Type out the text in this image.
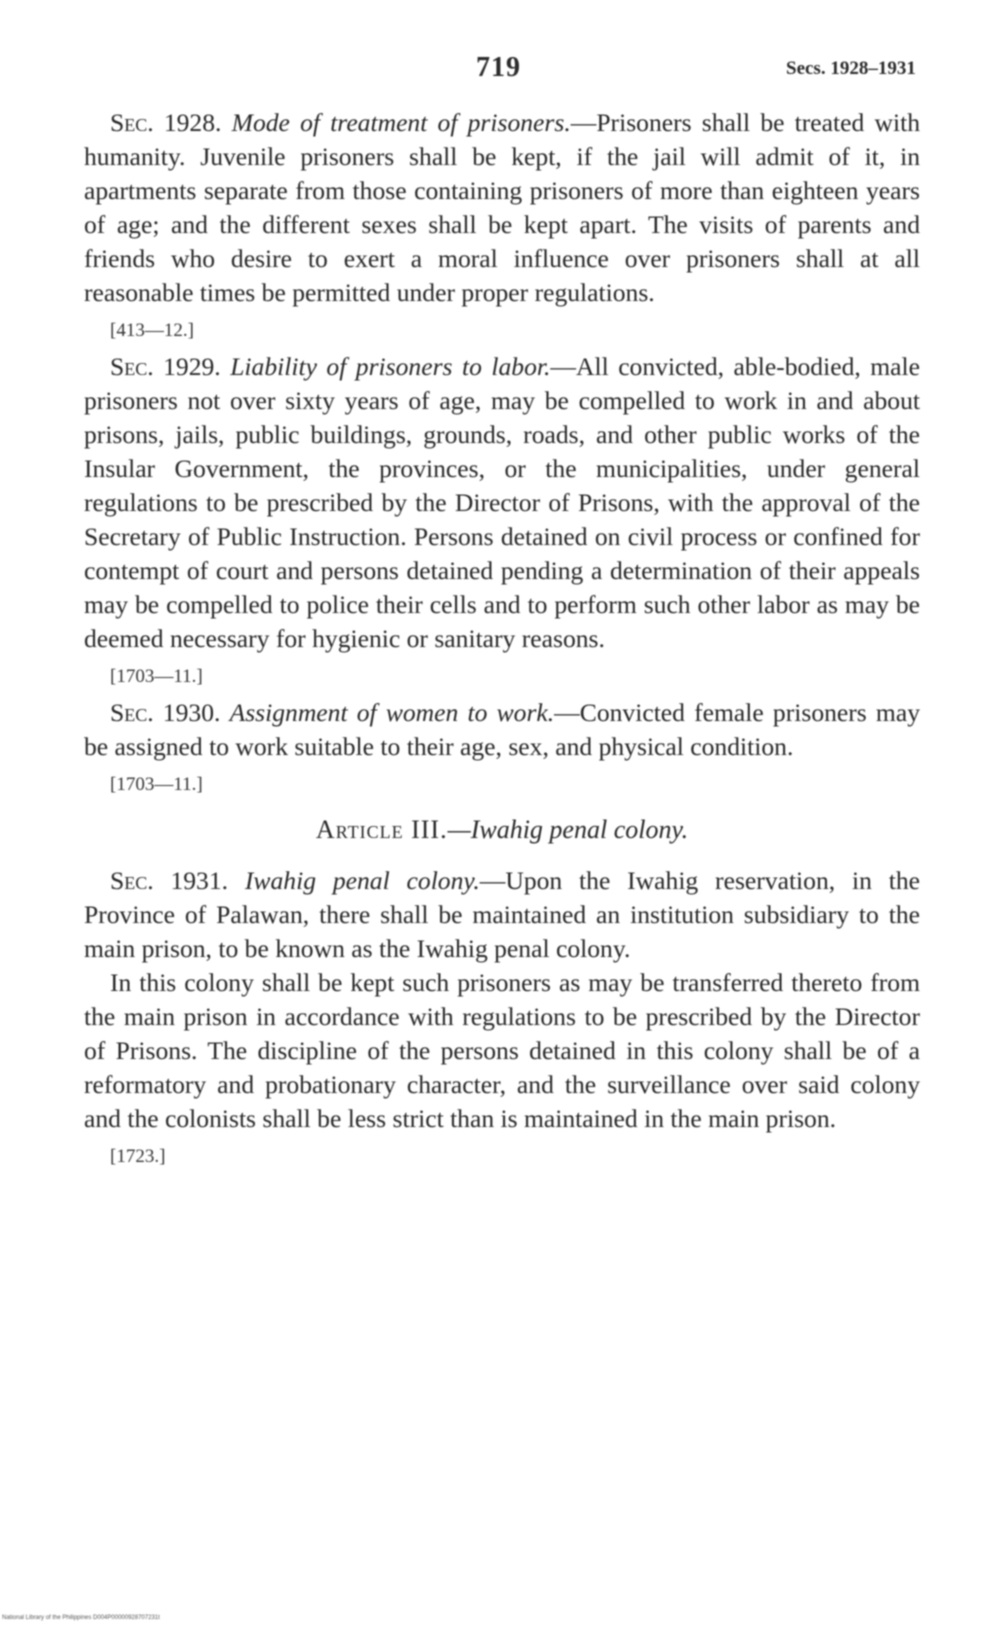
719	Secs. 1928–1931

Sec. 1928. Mode of treatment of prisoners.—Prisoners shall be treated with humanity. Juvenile prisoners shall be kept, if the jail will admit of it, in apartments separate from those containing prisoners of more than eighteen years of age; and the different sexes shall be kept apart. The visits of parents and friends who desire to exert a moral influence over prisoners shall at all reasonable times be permitted under proper regulations.

[413—12.]

Sec. 1929. Liability of prisoners to labor.—All convicted, able-bodied, male prisoners not over sixty years of age, may be compelled to work in and about prisons, jails, public buildings, grounds, roads, and other public works of the Insular Government, the provinces, or the municipalities, under general regulations to be prescribed by the Director of Prisons, with the approval of the Secretary of Public Instruction. Persons detained on civil process or confined for contempt of court and persons detained pending a determination of their appeals may be compelled to police their cells and to perform such other labor as may be deemed necessary for hygienic or sanitary reasons.

[1703—11.]

Sec. 1930. Assignment of women to work.—Convicted female prisoners may be assigned to work suitable to their age, sex, and physical condition.

[1703—11.]
Article III.—Iwahig penal colony.

Sec. 1931. Iwahig penal colony.—Upon the Iwahig reservation, in the Province of Palawan, there shall be maintained an institution subsidiary to the main prison, to be known as the Iwahig penal colony.

In this colony shall be kept such prisoners as may be transferred thereto from the main prison in accordance with regulations to be prescribed by the Director of Prisons. The discipline of the persons detained in this colony shall be of a reformatory and probationary character, and the surveillance over said colony and the colonists shall be less strict than is maintained in the main prison.

[1723.]
National Library of the Philippines D004P00000928707231t
